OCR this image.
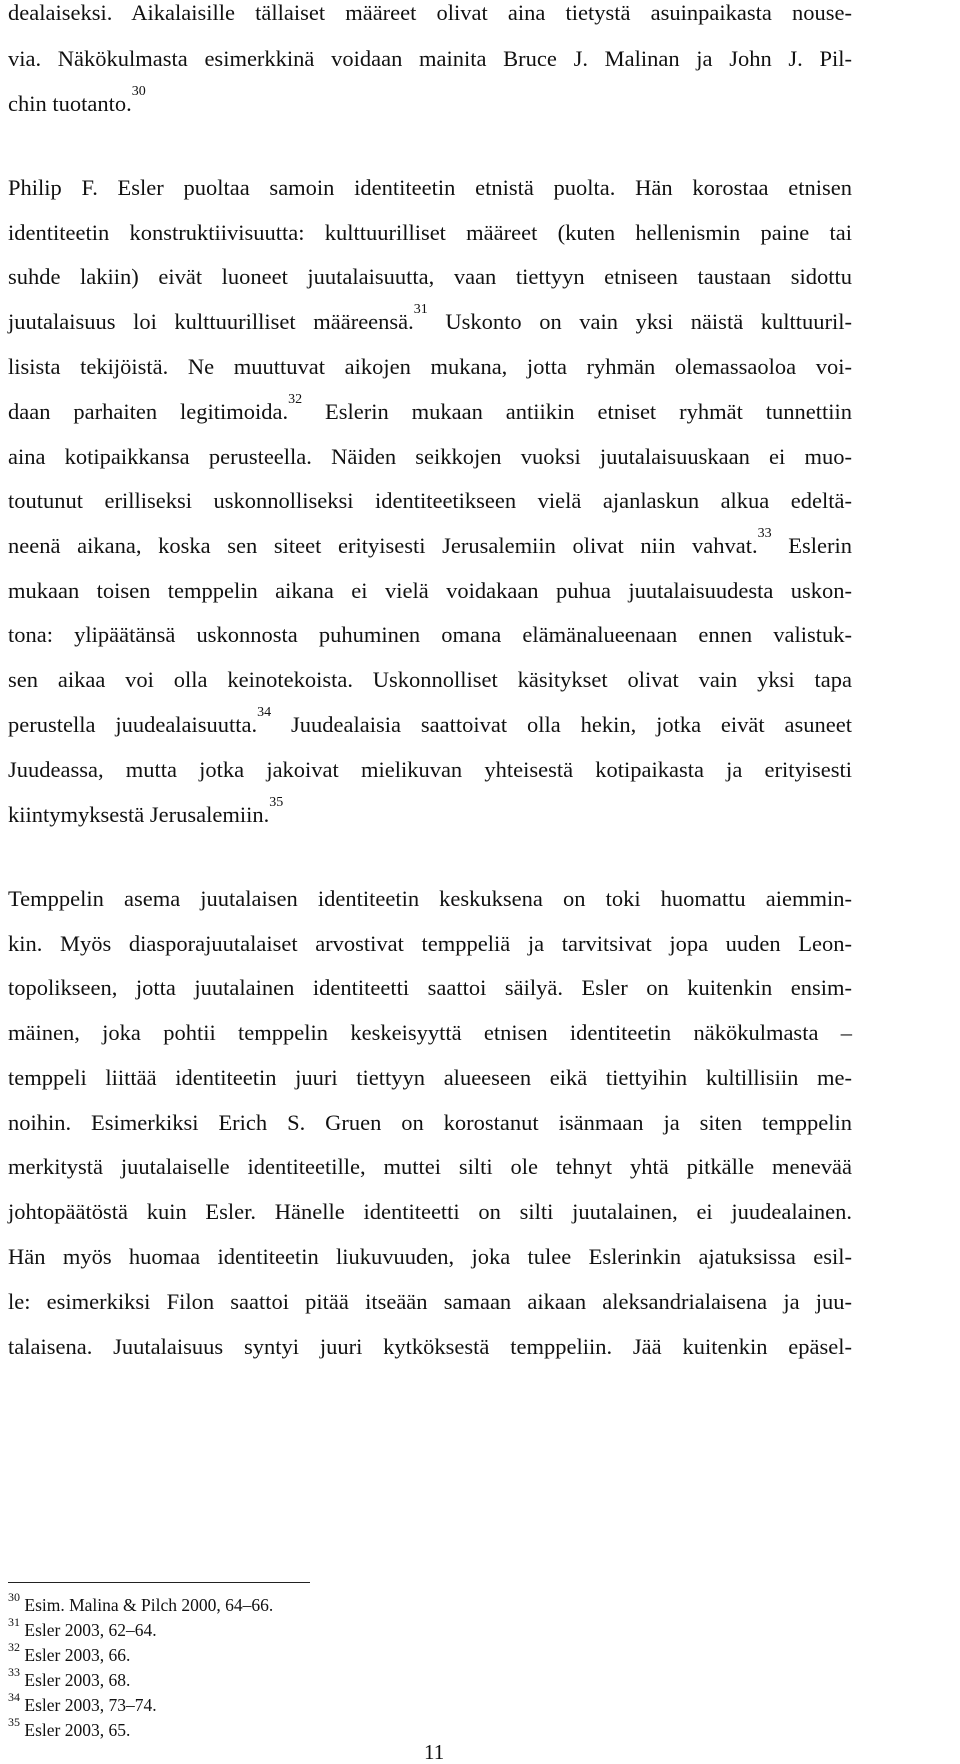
dealaiseksi. Aikalaisille tällaiset määreet olivat aina tietystä asuinpaikasta nouse-
via. Näkökulmasta esimerkkinä voidaan mainita Bruce J. Malinan ja John J. Pil-
chin tuotanto.$^{30}$
Philip F. Esler puoltaa samoin identiteetin etnistä puolta. Hän korostaa etnisen
identiteetin konstruktiivisuutta: kulttuurilliset määreet (kuten hellenismin paine tai
suhde lakiin) eivät luoneet juutalaisuutta, vaan tiettyyn etniseen taustaan sidottu
juutalaisuus loi kulttuurilliset määreensä.$^{31}$ Uskonto on vain yksi näistä kulttuuril-
lisista tekijöistä. Ne muuttuvat aikojen mukana, jotta ryhmän olemassaoloa voi-
daan parhaiten legitimoida.$^{32}$ Eslerin mukaan antiikin etniset ryhmät tunnettiin
aina kotipaikkansa perusteella. Näiden seikkojen vuoksi juutalaisuuskaan ei muo-
toutunut erilliseksi uskonnolliseksi identiteetikseen vielä ajanlaskun alkua edeltä-
neenä aikana, koska sen siteet erityisesti Jerusalemiin olivat niin vahvat.$^{33}$ Eslerin
mukaan toisen temppelin aikana ei vielä voidakaan puhua juutalaisuudesta uskon-
tona: ylipäätänsä uskonnosta puhuminen omana elämänalueenaan ennen valistuk-
sen aikaa voi olla keinotekoista. Uskonnolliset käsitykset olivat vain yksi tapa
perustella juudealaisuutta.$^{34}$ Juudealaisia saattoivat olla hekin, jotka eivät asuneet
Juudeassa, mutta jotka jakoivat mielikuvan yhteisestä kotipaikasta ja erityisesti
kiintymyksestä Jerusalemiin.$^{35}$
Temppelin asema juutalaisen identiteetin keskuksena on toki huomattu aiemmin-
kin. Myös diasporajuutalaiset arvostivat temppeliä ja tarvitsivat jopa uuden Leon-
topolikseen, jotta juutalainen identiteetti saattoi säilyä. Esler on kuitenkin ensim-
mäinen, joka pohtii temppelin keskeisyyttä etnisen identiteetin näkökulmasta –
temppeli liittää identiteetin juuri tiettyyn alueeseen eikä tiettyihin kultillisiin me-
noihin. Esimerkiksi Erich S. Gruen on korostanut isänmaan ja siten temppelin
merkitystä juutalaiselle identiteetille, muttei silti ole tehnyt yhtä pitkälle menevää
johtopäätöstä kuin Esler. Hänelle identiteetti on silti juutalainen, ei juudealainen.
Hän myös huomaa identiteetin liukuvuuden, joka tulee Eslerinkin ajatuksissa esil-
le: esimerkiksi Filon saattoi pitää itseään samaan aikaan aleksandrialaisena ja juu-
talaisena. Juutalaisuus syntyi juuri kytköksestä temppeliin. Jää kuitenkin epäsel-
$^{30}$ Esim. Malina & Pilch 2000, 64–66.
$^{31}$ Esler 2003, 62–64.
$^{32}$ Esler 2003, 66.
$^{33}$ Esler 2003, 68.
$^{34}$ Esler 2003, 73–74.
$^{35}$ Esler 2003, 65.
11
